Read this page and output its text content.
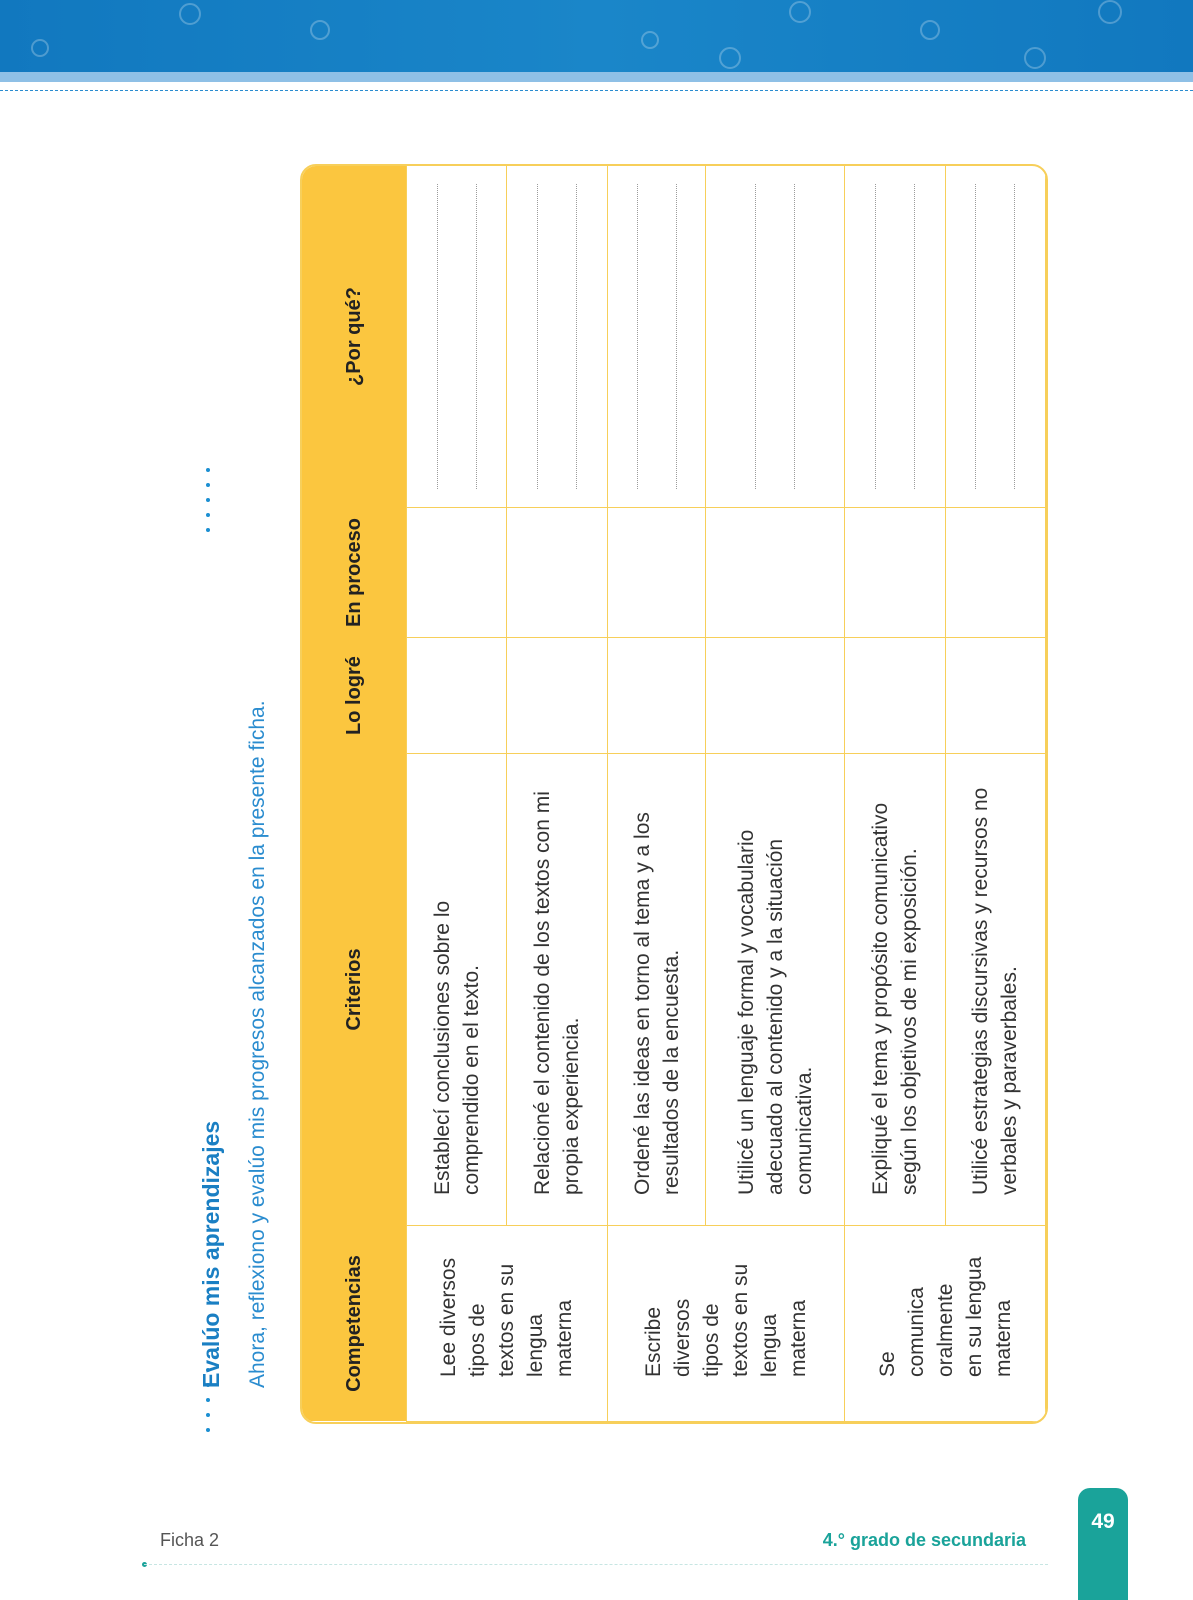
Evalúo mis aprendizajes Ahora, reflexiono y evalúo mis progresos alcanzados en la presente ficha.	Competencias	Criterios	Lo logré	En proceso	¿Por qué?
Lee diversos tipos de textos en su lengua materna	Establecí conclusiones sobre lo comprendido en el texto.			

	Relacioné el contenido de los textos con mi propia experiencia.			

Escribe diversos tipos de textos en su lengua materna	Ordené las ideas en torno al tema y a los resultados de la encuesta.			

	Utilicé un lenguaje formal y vocabulario adecuado al contenido y a la situación comunicativa.			

Se comunica oralmente en su lengua materna	Expliqué el tema y propósito comunicativo según los objetivos de mi exposición.			

	Utilicé estrategias discursivas y recursos no verbales y paraverbales.			
Ficha 2	4.° grado de secundaria
49
